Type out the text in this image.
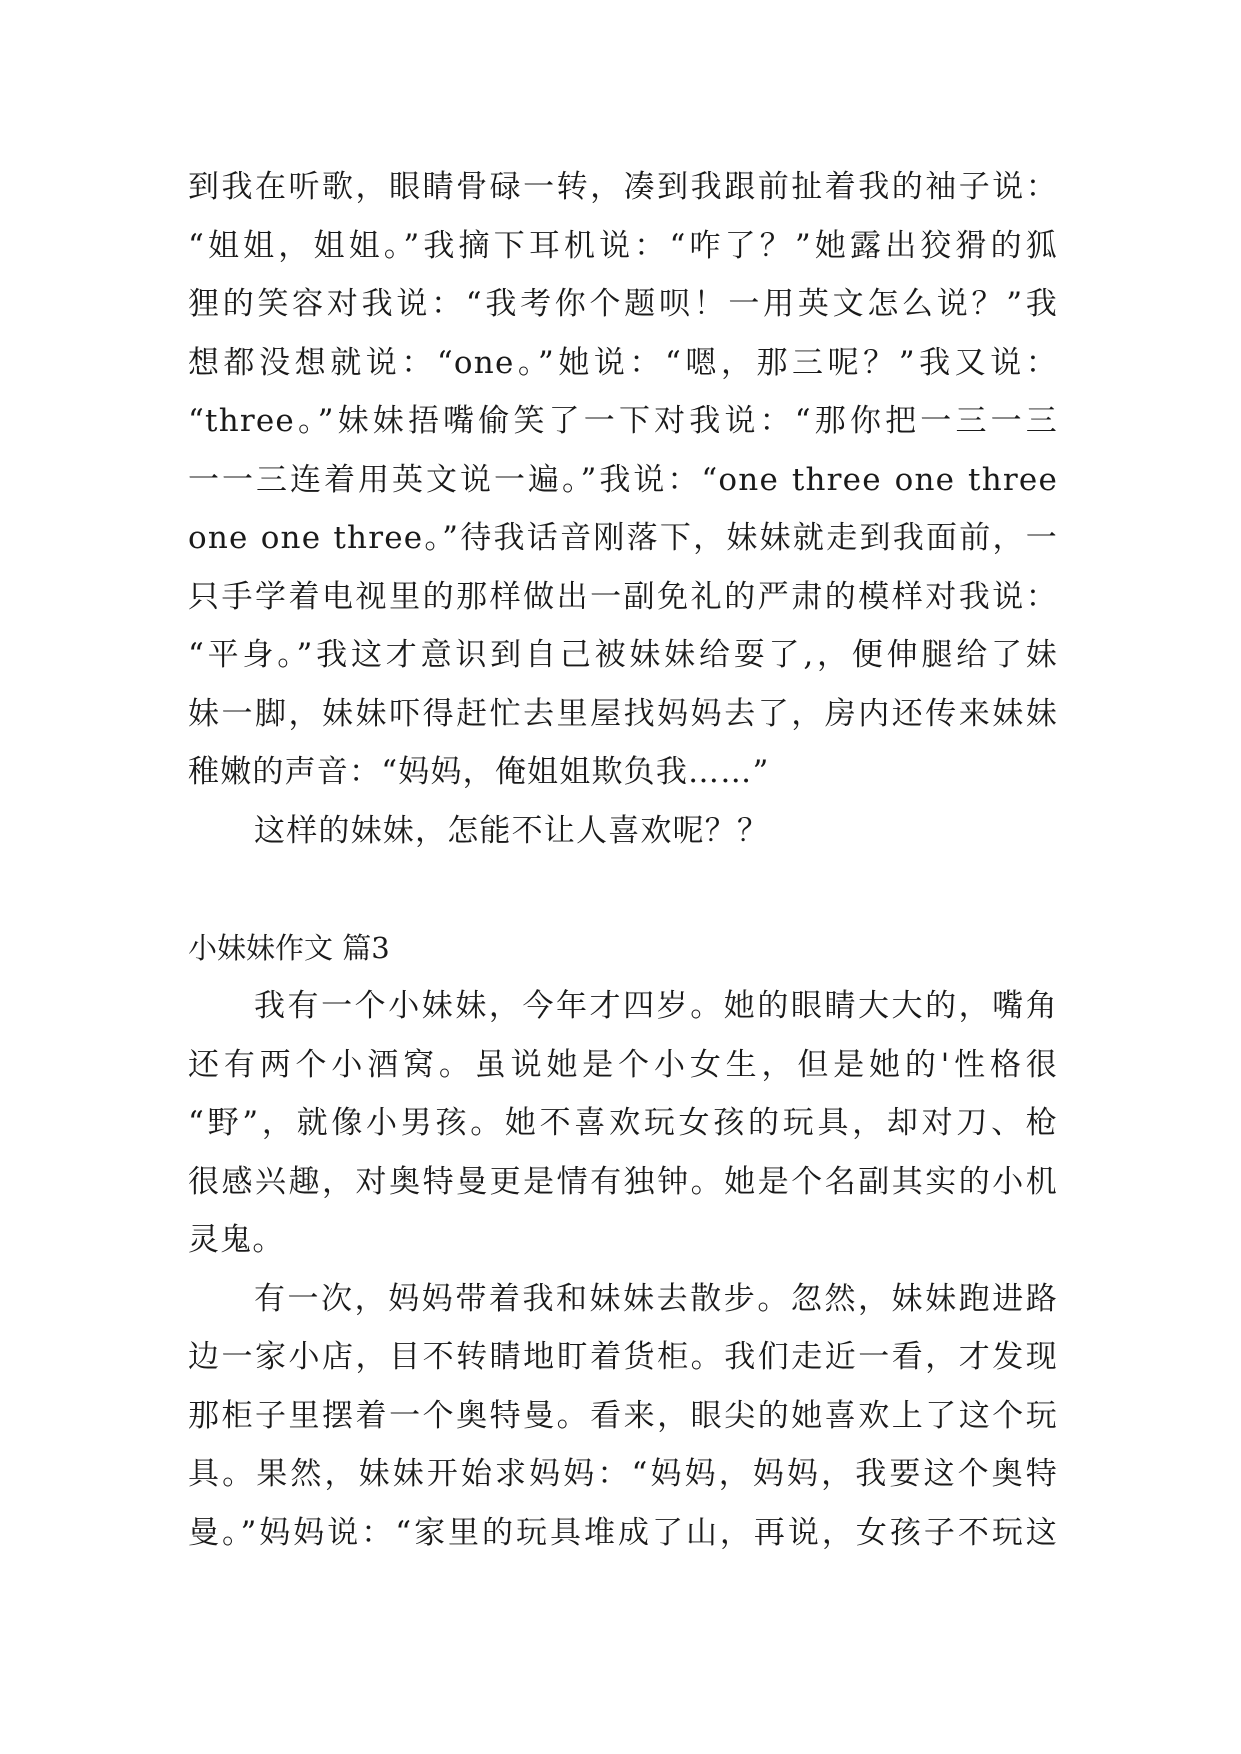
到我在听歌，眼睛骨碌一转，凑到我跟前扯着我的袖子说：
“姐姐，姐姐。”我摘下耳机说：“咋了？”她露出狡猾的狐
狸的笑容对我说：“我考你个题呗！一用英文怎么说？”我
想都没想就说：“one。”她说：“嗯，那三呢？”我又说：
“three。”妹妹捂嘴偷笑了一下对我说：“那你把一三一三
一一三连着用英文说一遍。”我说：“one three one three
one one three。”待我话音刚落下，妹妹就走到我面前，一
只手学着电视里的那样做出一副免礼的严肃的模样对我说：
“平身。”我这才意识到自己被妹妹给耍了,，便伸腿给了妹
妹一脚，妹妹吓得赶忙去里屋找妈妈去了，房内还传来妹妹
稚嫩的声音：“妈妈，俺姐姐欺负我……”
这样的妹妹，怎能不让人喜欢呢？？
小妹妹作文 篇3
我有一个小妹妹，今年才四岁。她的眼睛大大的，嘴角
还有两个小酒窝。虽说她是个小女生，但是她的'性格很
“野”，就像小男孩。她不喜欢玩女孩的玩具，却对刀、枪
很感兴趣，对奥特曼更是情有独钟。她是个名副其实的小机
灵鬼。
有一次，妈妈带着我和妹妹去散步。忽然，妹妹跑进路
边一家小店，目不转睛地盯着货柜。我们走近一看，才发现
那柜子里摆着一个奥特曼。看来，眼尖的她喜欢上了这个玩
具。果然，妹妹开始求妈妈：“妈妈，妈妈，我要这个奥特
曼。”妈妈说：“家里的玩具堆成了山，再说，女孩子不玩这
